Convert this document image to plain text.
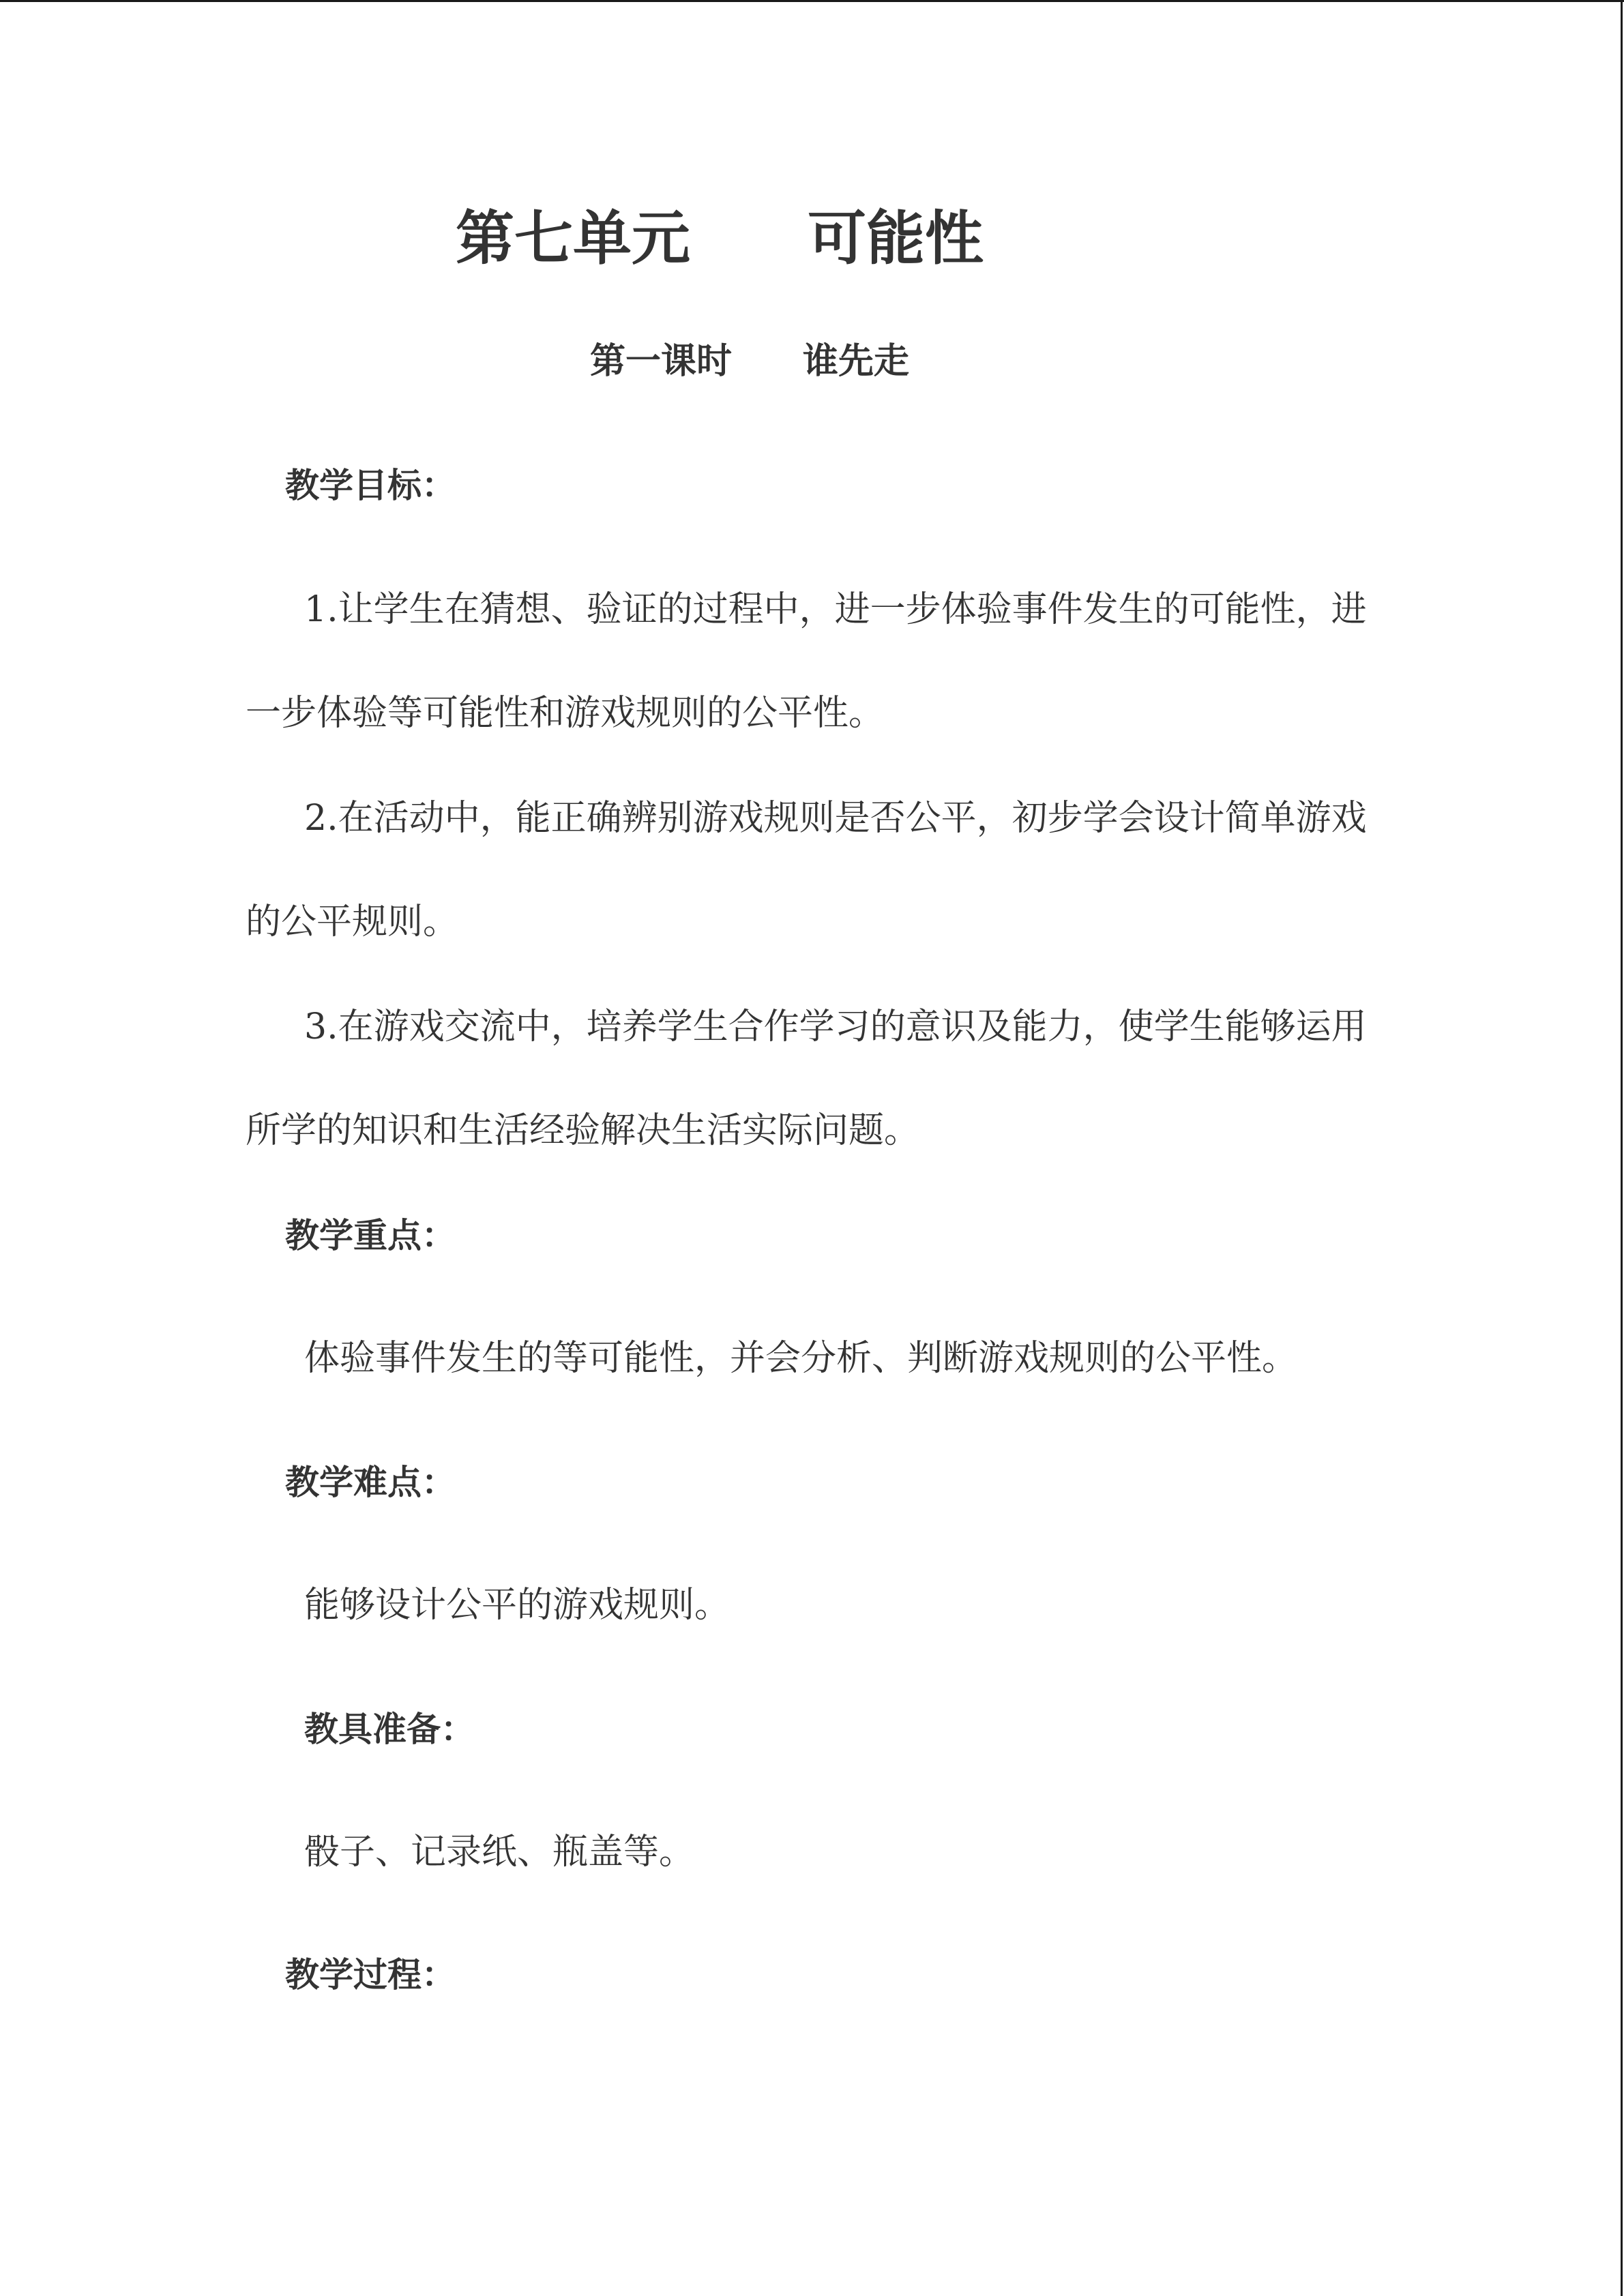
第七单元　　可能性
第一课时　　谁先走
教学目标：
1.让学生在猜想、验证的过程中，进一步体验事件发生的可能性，进一步体验等可能性和游戏规则的公平性。
2.在活动中，能正确辨别游戏规则是否公平，初步学会设计简单游戏的公平规则。
3.在游戏交流中，培养学生合作学习的意识及能力，使学生能够运用所学的知识和生活经验解决生活实际问题。
教学重点：
体验事件发生的等可能性，并会分析、判断游戏规则的公平性。
教学难点：
能够设计公平的游戏规则。
教具准备：
骰子、记录纸、瓶盖等。
教学过程：
